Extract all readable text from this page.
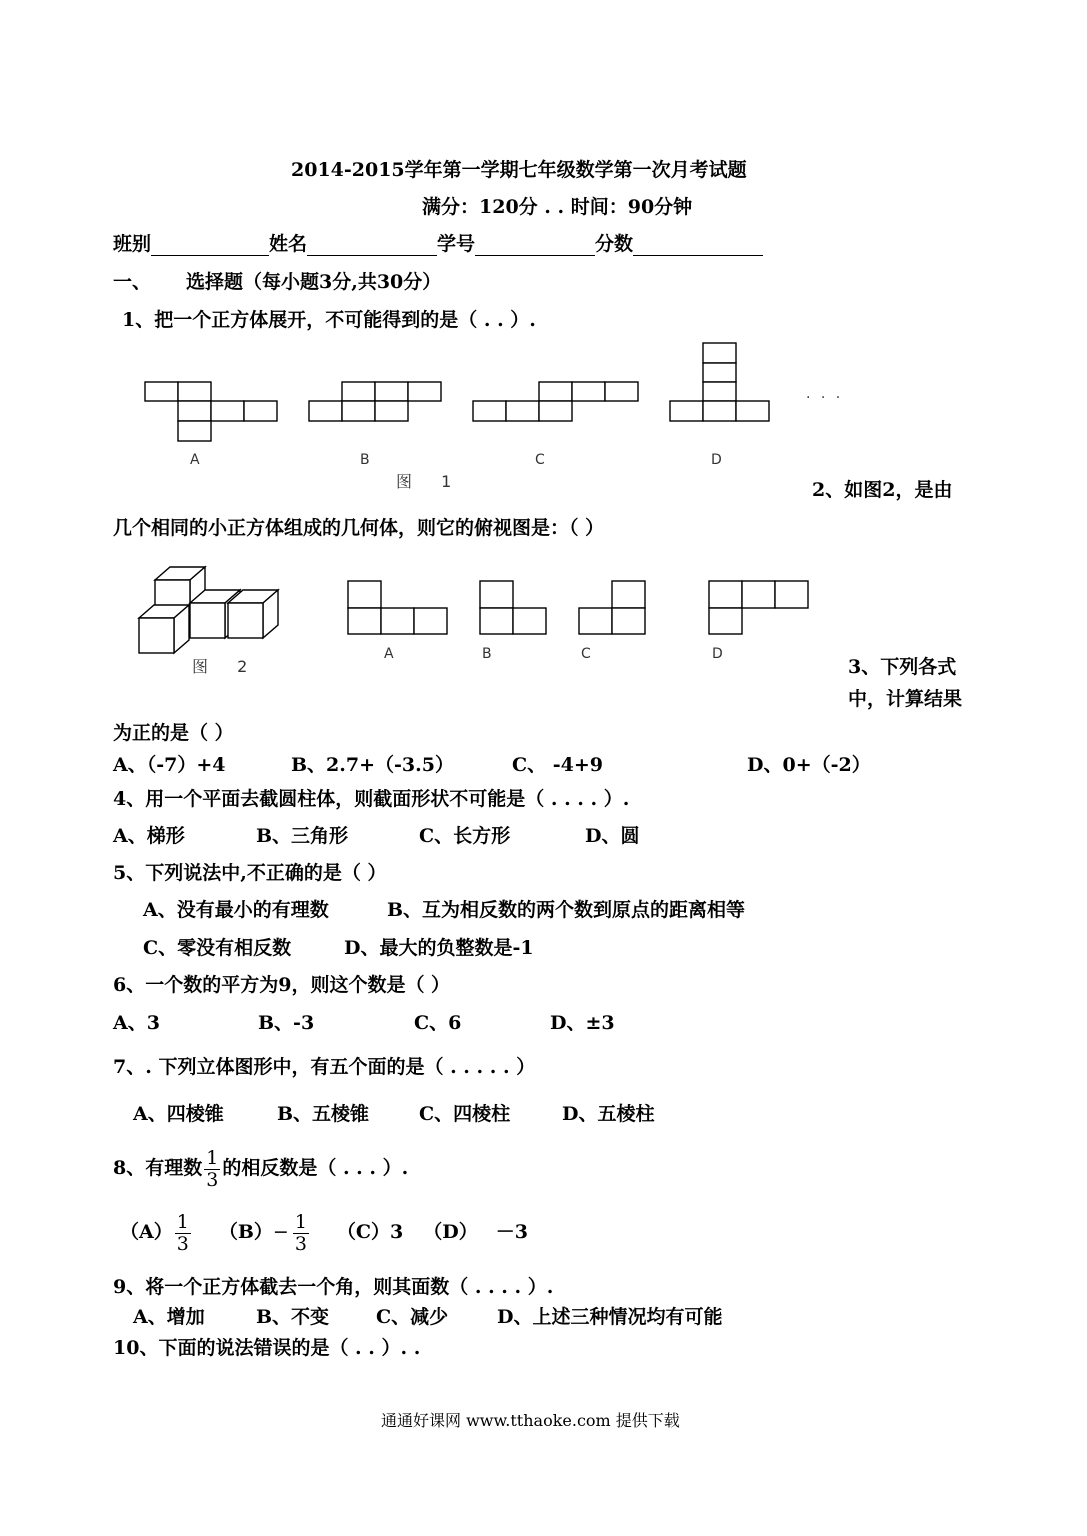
2014-2015学年第一学期七年级数学第一次月考试题
满分：120分 . . 时间：90分钟
班别	姓名	学号	分数
一、 选择题（每小题3分,共30分）
1、把一个正方体展开，不可能得到的是（ . . ）.
A	B	C	D
图 1
. . .
2、如图2，是由
几个相同的小正方体组成的几何体，则它的俯视图是：（ ）
图 2
A	B	C	D
3、下列各式
中，计算结果
为正的是（ ）
A、（-7）+4	B、2.7+（-3.5）	C、 -4+9	D、0+（-2）
4、用一个平面去截圆柱体，则截面形状不可能是（ . . . . ）.
A、梯形	B、三角形	C、长方形	D、圆
5、下列说法中,不正确的是（ ）
A、没有最小的有理数	B、互为相反数的两个数到原点的距离相等
C、零没有相反数	D、最大的负整数是-1
6、一个数的平方为9，则这个数是（ ）
A、3	B、-3	C、6	D、±3
7、. 下列立体图形中，有五个面的是（ . . . . . ）
A、四棱锥	B、五棱锥	C、四棱柱	D、五棱柱
8、有理数 $\frac{1}{3}$ 的相反数是（ . . . ）.
$(A) \frac{1}{3} (B)- \frac{1}{3} (C)3$ （D） －3
9、将一个正方体截去一个角，则其面数（ . . . . ）.
A、增加	B、不变 C、减少	D、上述三种情况均有可能
10、下面的说法错误的是（ . . ）. .
通通好课网 www.tthaoke.com 提供下载
